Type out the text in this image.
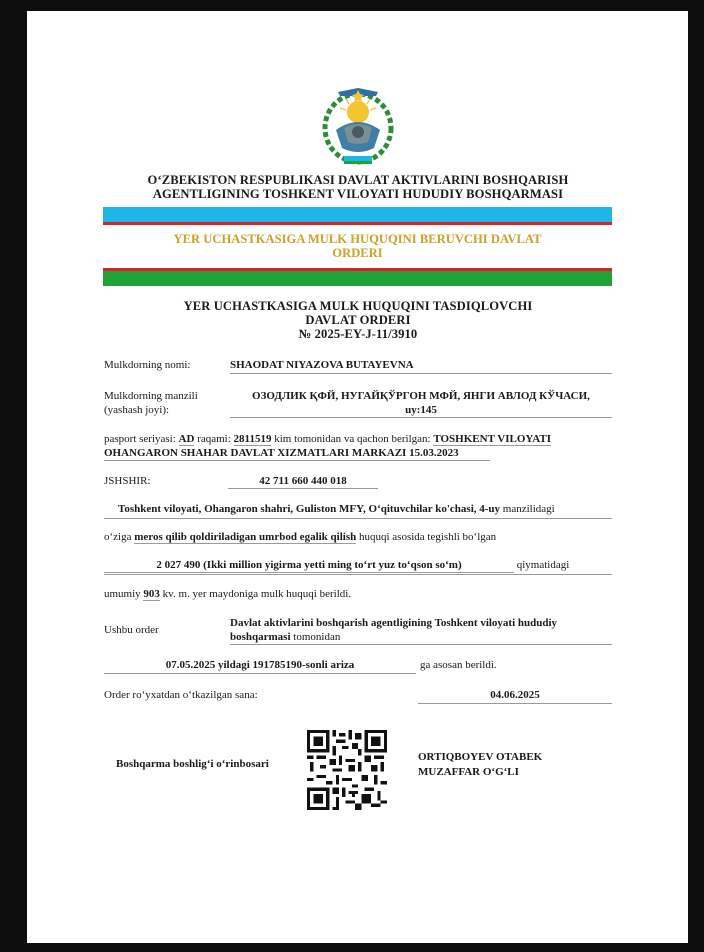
O‘ZBEKISTON RESPUBLIKASI DAVLAT AKTIVLARINI BOSHQARISH
AGENTLIGINING TOSHKENT VILOYATI HUDUDIY BOSHQARMASI
YER UCHASTKASIGA MULK HUQUQINI BERUVCHI DAVLAT
ORDERI
YER UCHASTKASIGA MULK HUQUQINI TASDIQLOVCHI
DAVLAT ORDERI
№ 2025-EY-J-11/3910
Mulkdorning nomi:	SHAODAT NIYAZOVA BUTAYEVNA
Mulkdorning manzili
(yashash joyi):
ОЗОДЛИК ҚФЙ, НУГАЙҚЎРГОН МФЙ, ЯНГИ АВЛОД КЎЧАСИ,
uy:145
pasport seriyasi: AD raqami: 2811519 kim tomonidan va qachon berilgan: TOSHKENT VILOYATI
OHANGARON SHAHAR DAVLAT XIZMATLARI MARKAZI 15.03.2023
JSHSHIR:	42 711 660 440 018
Toshkent viloyati, Ohangaron shahri, Guliston MFY, O‘qituvchilar ko'chasi, 4-uy manzilidagi
o‘ziga meros qilib qoldiriladigan umrbod egalik qilish huquqi asosida tegishli bo‘lgan
2 027 490 (Ikki million yigirma yetti ming to‘rt yuz to‘qson so‘m)	qiymatidagi
umumiy 903 kv. m. yer maydoniga mulk huquqi berildi.
Ushbu order
Davlat aktivlarini boshqarish agentligining Toshkent viloyati hududiy
boshqarmasi tomonidan
07.05.2025 yildagi 191785190-sonli ariza	ga asosan berildi.
Order ro‘yxatdan o‘tkazilgan sana:	04.06.2025
Boshqarma boshlig‘i o‘rinbosari
ORTIQBOYEV OTABEK
MUZAFFAR O‘G‘LI
